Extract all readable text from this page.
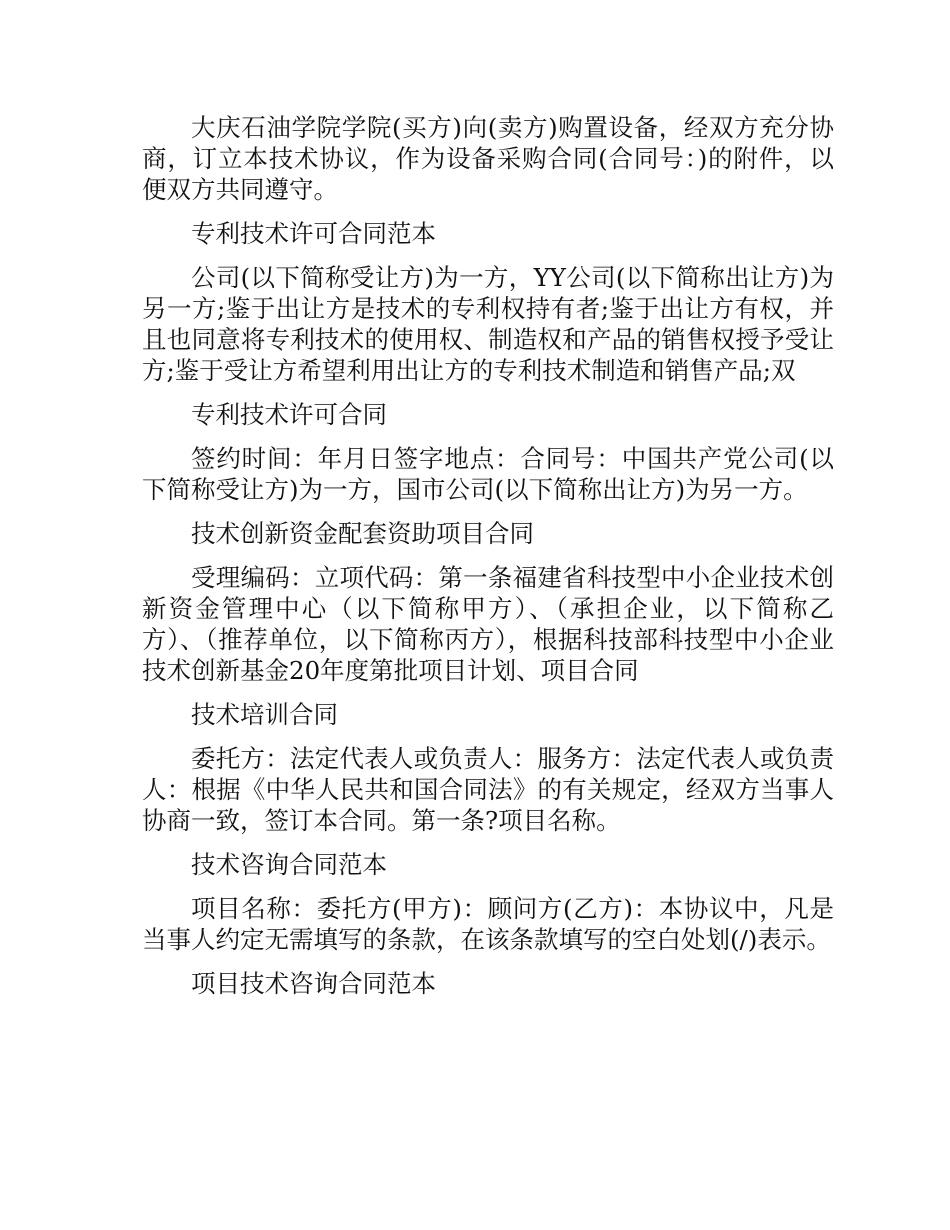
大庆石油学院学院(买方)向(卖方)购置设备，经双方充分协商，订立本技术协议，作为设备采购合同(合同号：)的附件，以便双方共同遵守。

专利技术许可合同范本

公司(以下简称受让方)为一方，YY公司(以下简称出让方)为另一方;鉴于出让方是技术的专利权持有者;鉴于出让方有权，并且也同意将专利技术的使用权、制造权和产品的销售权授予受让方;鉴于受让方希望利用出让方的专利技术制造和销售产品;双

专利技术许可合同

签约时间：年月日签字地点：合同号：中国共产党公司(以下简称受让方)为一方，国市公司(以下简称出让方)为另一方。

技术创新资金配套资助项目合同

受理编码：立项代码：第一条福建省科技型中小企业技术创新资金管理中心（以下简称甲方）、（承担企业，以下简称乙方）、（推荐单位，以下简称丙方），根据科技部科技型中小企业技术创新基金20年度第批项目计划、项目合同

技术培训合同

委托方：法定代表人或负责人：服务方：法定代表人或负责人：根据《中华人民共和国合同法》的有关规定，经双方当事人协商一致，签订本合同。第一条?项目名称。

技术咨询合同范本

项目名称：委托方(甲方)：顾问方(乙方)：本协议中，凡是当事人约定无需填写的条款，在该条款填写的空白处划(/)表示。

项目技术咨询合同范本
